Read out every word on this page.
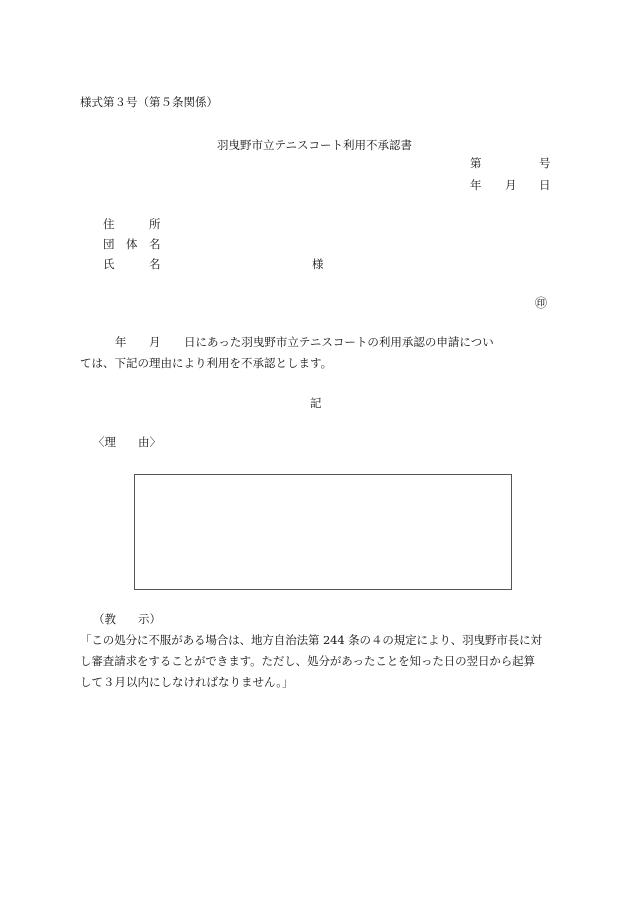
様式第３号（第５条関係）
羽曳野市立テニスコート利用不承認書
第	号
年 月 日
住	所
団 体 名
氏	名	様
㊞
年 月 日にあった羽曳野市立テニスコートの利用承認の申請につい
ては、下記の理由により利用を不承認とします。
記
〈理 由〉
（教 示）
「この処分に不服がある場合は、地方自治法第 244 条の４の規定により、羽曳野市長に対
し審査請求をすることができます。ただし、処分があったことを知った日の翌日から起算
して３月以内にしなければなりません。」
